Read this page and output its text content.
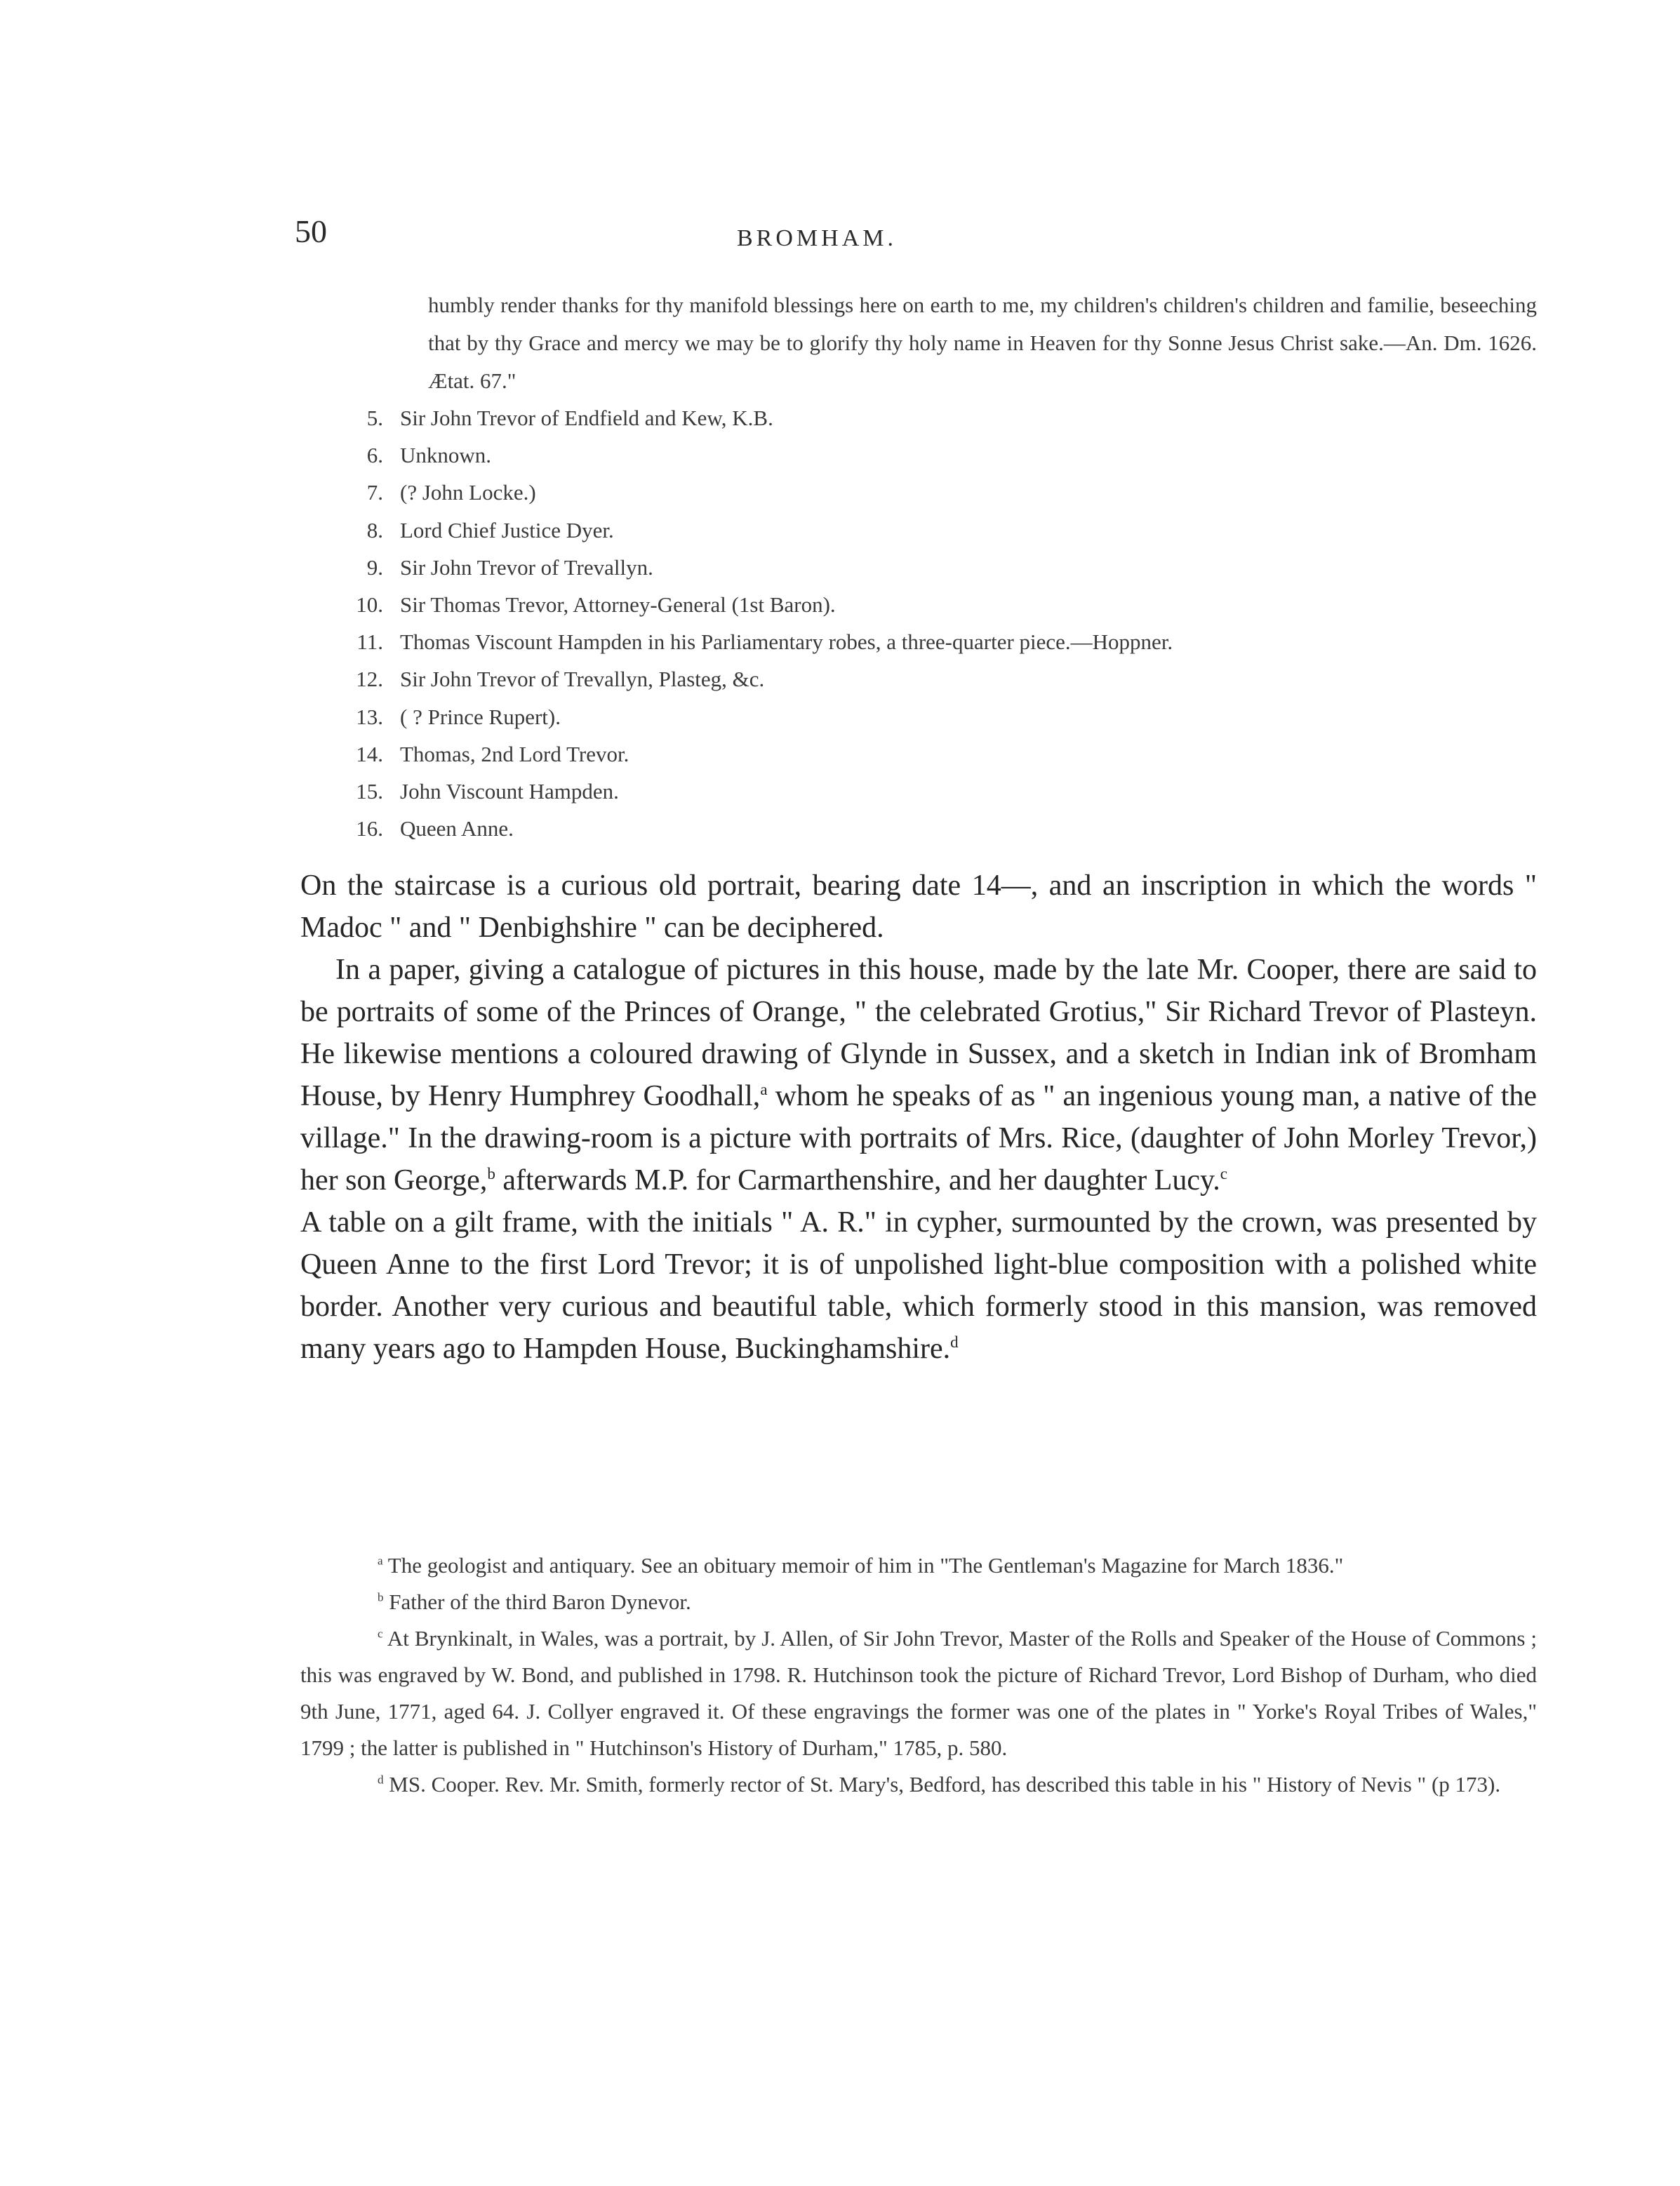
50	BROMHAM.

humbly render thanks for thy manifold blessings here on earth to me, my children's children's children and familie, beseeching that by thy Grace and mercy we may be to glorify thy holy name in Heaven for thy Sonne Jesus Christ sake.—An. Dm. 1626. Ætat. 67."

5. Sir John Trevor of Endfield and Kew, K.B.
6. Unknown.
7. (? John Locke.)
8. Lord Chief Justice Dyer.
9. Sir John Trevor of Trevallyn.
10. Sir Thomas Trevor, Attorney-General (1st Baron).
11. Thomas Viscount Hampden in his Parliamentary robes, a three-quarter piece.—Hoppner.
12. Sir John Trevor of Trevallyn, Plasteg, &c.
13. ( ? Prince Rupert).
14. Thomas, 2nd Lord Trevor.
15. John Viscount Hampden.
16. Queen Anne.

On the staircase is a curious old portrait, bearing date 14—, and an inscription in which the words " Madoc " and " Denbighshire " can be deciphered.

In a paper, giving a catalogue of pictures in this house, made by the late Mr. Cooper, there are said to be portraits of some of the Princes of Orange, " the celebrated Grotius," Sir Richard Trevor of Plasteyn. He likewise mentions a coloured drawing of Glynde in Sussex, and a sketch in Indian ink of Bromham House, by Henry Humphrey Goodhall,$^a$ whom he speaks of as " an ingenious young man, a native of the village." In the drawing-room is a picture with portraits of Mrs. Rice, (daughter of John Morley Trevor,) her son George,$^b$ afterwards M.P. for Carmarthenshire, and her daughter Lucy.$^c$

A table on a gilt frame, with the initials " A. R." in cypher, surmounted by the crown, was presented by Queen Anne to the first Lord Trevor; it is of unpolished light-blue composition with a polished white border. Another very curious and beautiful table, which formerly stood in this mansion, was removed many years ago to Hampden House, Buckinghamshire.$^d$

$^a$ The geologist and antiquary. See an obituary memoir of him in "The Gentleman's Magazine for March 1836."

$^b$ Father of the third Baron Dynevor.

$^c$ At Brynkinalt, in Wales, was a portrait, by J. Allen, of Sir John Trevor, Master of the Rolls and Speaker of the House of Commons ; this was engraved by W. Bond, and published in 1798. R. Hutchinson took the picture of Richard Trevor, Lord Bishop of Durham, who died 9th June, 1771, aged 64. J. Collyer engraved it. Of these engravings the former was one of the plates in " Yorke's Royal Tribes of Wales," 1799 ; the latter is published in " Hutchinson's History of Durham," 1785, p. 580.

$^d$ MS. Cooper. Rev. Mr. Smith, formerly rector of St. Mary's, Bedford, has described this table in his " History of Nevis " (p 173).
